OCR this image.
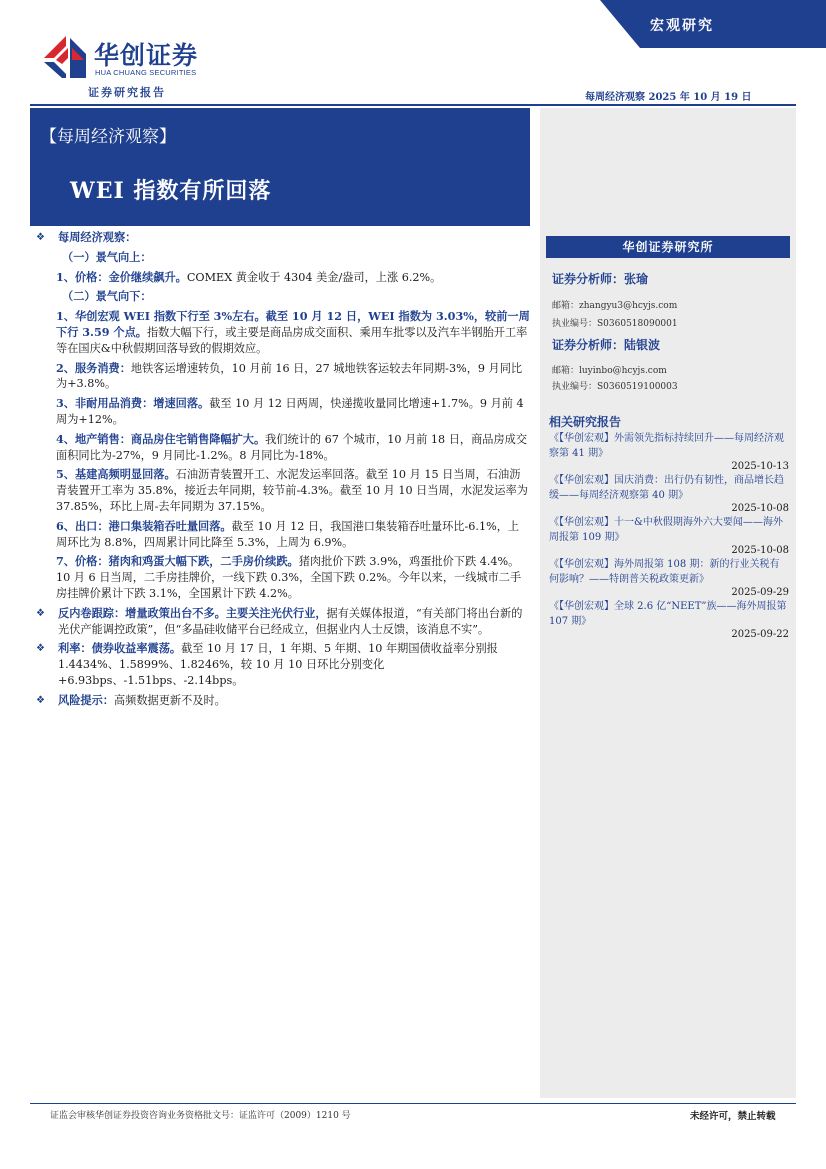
华创证券
HUA CHUANG SECURITIES
证券研究报告
宏观研究
每周经济观察 2025 年 10 月 19 日
【每周经济观察】
WEI 指数有所回落
华创证券研究所
证券分析师：张瑜
邮箱：zhangyu3@hcyjs.com
执业编号：S0360518090001
证券分析师：陆银波
邮箱：luyinbo@hcyjs.com
执业编号：S0360519100003
相关研究报告
《【华创宏观】外需领先指标持续回升——每周经济观察第 41 期》
2025-10-13
《【华创宏观】国庆消费：出行仍有韧性，商品增长趋缓——每周经济观察第 40 期》
2025-10-08
《【华创宏观】十一&中秋假期海外六大要闻——海外周报第 109 期》
2025-10-08
《【华创宏观】海外周报第 108 期：新的行业关税有何影响？——特朗普关税政策更新》
2025-09-29
《【华创宏观】全球 2.6 亿“NEET”族——海外周报第 107 期》
2025-09-22
❖ 每周经济观察：
（一）景气向上：
1、价格：金价继续飙升。COMEX 黄金收于 4304 美金/盎司，上涨 6.2%。
（二）景气向下：
1、华创宏观 WEI 指数下行至 3%左右。截至 10 月 12 日，WEI 指数为 3.03%，较前一周下行 3.59 个点。指数大幅下行，或主要是商品房成交面积、乘用车批零以及汽车半钢胎开工率等在国庆&中秋假期回落导致的假期效应。
2、服务消费：地铁客运增速转负，10 月前 16 日，27 城地铁客运较去年同期-3%，9 月同比为+3.8%。
3、非耐用品消费：增速回落。截至 10 月 12 日两周，快递揽收量同比增速+1.7%。9 月前 4 周为+12%。
4、地产销售：商品房住宅销售降幅扩大。我们统计的 67 个城市，10 月前 18 日，商品房成交面积同比为-27%，9 月同比-1.2%。8 月同比为-18%。
5、基建高频明显回落。石油沥青装置开工、水泥发运率回落。截至 10 月 15 日当周，石油沥青装置开工率为 35.8%，接近去年同期，较节前-4.3%。截至 10 月 10 日当周，水泥发运率为 37.85%，环比上周-去年同期为 37.15%。
6、出口：港口集装箱吞吐量回落。截至 10 月 12 日，我国港口集装箱吞吐量环比-6.1%，上周环比为 8.8%，四周累计同比降至 5.3%，上周为 6.9%。
7、价格：猪肉和鸡蛋大幅下跌，二手房价续跌。猪肉批价下跌 3.9%，鸡蛋批价下跌 4.4%。10 月 6 日当周，二手房挂牌价，一线下跌 0.3%，全国下跌 0.2%。今年以来，一线城市二手房挂牌价累计下跌 3.1%，全国累计下跌 4.2%。
❖ 反内卷跟踪：增量政策出台不多。主要关注光伏行业，据有关媒体报道，“有关部门将出台新的光伏产能调控政策”，但“多晶硅收储平台已经成立，但据业内人士反馈，该消息不实”。
❖ 利率：债券收益率震荡。截至 10 月 17 日，1 年期、5 年期、10 年期国债收益率分别报 1.4434%、1.5899%、1.8246%，较 10 月 10 日环比分别变化+6.93bps、-1.51bps、-2.14bps。
❖ 风险提示：高频数据更新不及时。
证监会审核华创证券投资咨询业务资格批文号：证监许可（2009）1210 号	未经许可，禁止转载
